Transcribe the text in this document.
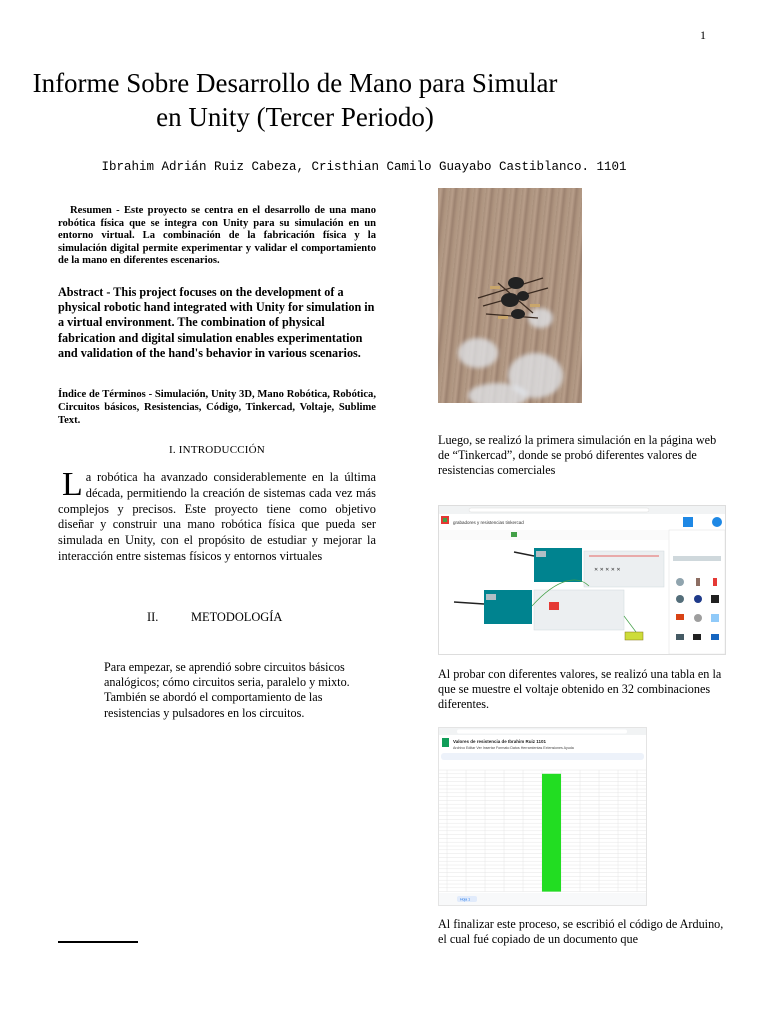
1
Informe Sobre Desarrollo de Mano para Simular
en Unity (Tercer Periodo)
Ibrahim Adrián Ruiz Cabeza, Cristhian Camilo Guayabo Castiblanco. 1101
Resumen - Este proyecto se centra en el desarrollo de una mano robótica física que se integra con Unity para su simulación en un entorno virtual. La combinación de la fabricación física y la simulación digital permite experimentar y validar el comportamiento de la mano en diferentes escenarios.
Abstract - This project focuses on the development of a physical robotic hand integrated with Unity for simulation in a virtual environment. The combination of physical fabrication and digital simulation enables experimentation and validation of the hand's behavior in various scenarios.
Índice de Términos - Simulación, Unity 3D, Mano Robótica, Robótica, Circuitos básicos, Resistencias, Código, Tinkercad, Voltaje, Sublime Text.
I. INTRODUCCIÓN
La robótica ha avanzado considerablemente en la última década, permitiendo la creación de sistemas cada vez más complejos y precisos. Este proyecto tiene como objetivo diseñar y construir una mano robótica física que pueda ser simulada en Unity, con el propósito de estudiar y mejorar la interacción entre sistemas físicos y entornos virtuales
II.	METODOLOGÍA
Para empezar, se aprendió sobre circuitos básicos analógicos; cómo circuitos seria, paralelo y mixto. También se abordó el comportamiento de las resistencias y pulsadores en los circuitos.
Luego, se realizó la primera simulación en la página web de “Tinkercad”, donde se probó diferentes valores de resistencias comerciales
grabadores y resistencias tinkercad
✕ ✕ ✕ ✕ ✕
Al probar con diferentes valores, se realizó una tabla en la que se muestre el voltaje obtenido en 32 combinaciones diferentes.
Valores de resistencia de Ibrahim Ruiz 1101
Archivo Editar Ver Insertar Formato Datos Herramientas Extensiones Ayuda
Hoja 1
Al finalizar este proceso, se escribió el código de Arduino, el cual fué copiado de un documento que
